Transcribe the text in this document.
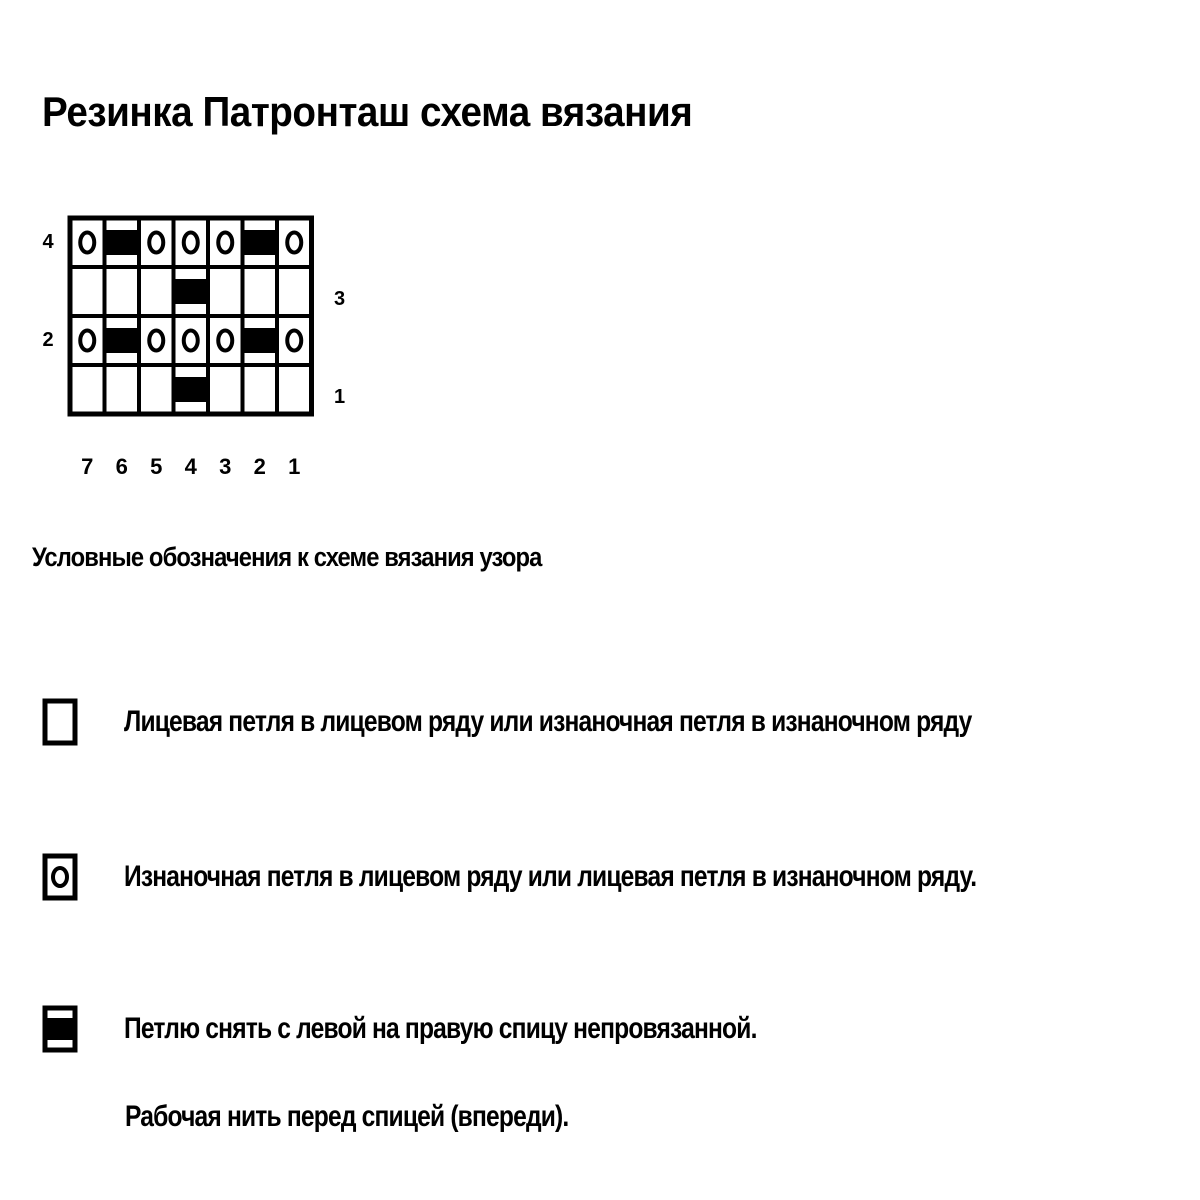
Резинка Патронташ схема вязания
7 6 5 4 3 2 1
4
2
3
1
Условные обозначения к схеме вязания узора
Лицевая петля в лицевом ряду или изнаночная петля в изнаночном ряду
Изнаночная петля в лицевом ряду или лицевая петля в изнаночном ряду.
Петлю снять с левой на правую спицу непровязанной.
Рабочая нить перед спицей (впереди).
